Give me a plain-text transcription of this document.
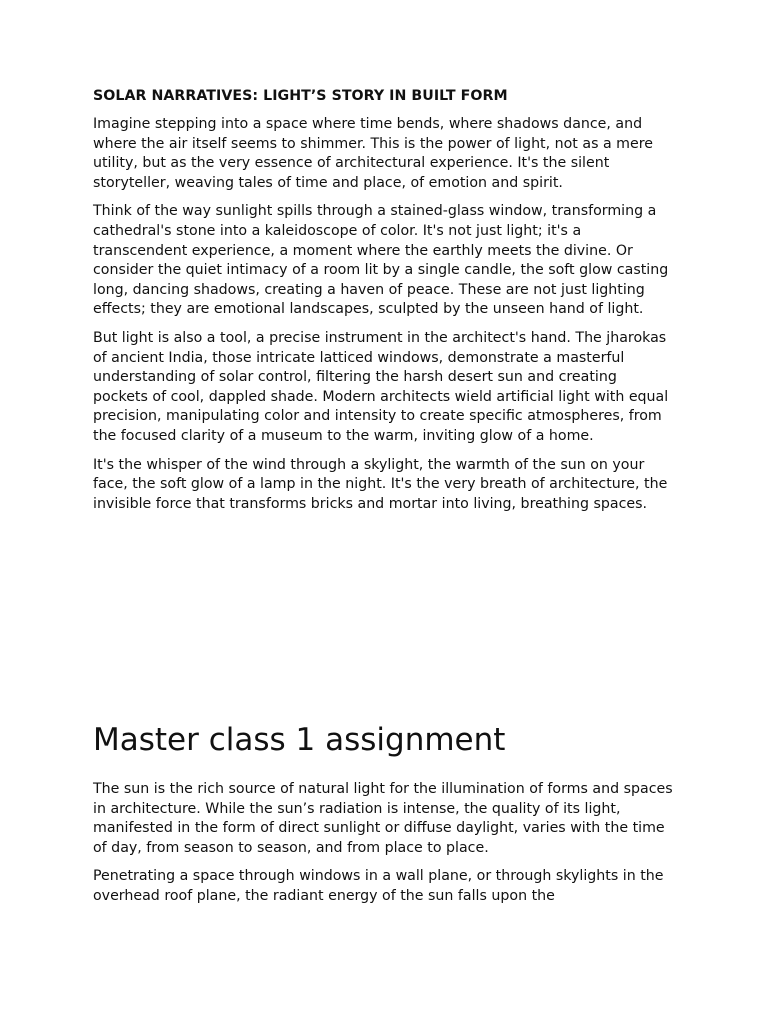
SOLAR NARRATIVES: LIGHT’S STORY IN BUILT FORM

Imagine stepping into a space where time bends, where shadows dance, and where the air itself seems to shimmer. This is the power of light, not as a mere utility, but as the very essence of architectural experience. It's the silent storyteller, weaving tales of time and place, of emotion and spirit.

Think of the way sunlight spills through a stained-glass window, transforming a cathedral's stone into a kaleidoscope of color. It's not just light; it's a transcendent experience, a moment where the earthly meets the divine. Or consider the quiet intimacy of a room lit by a single candle, the soft glow casting long, dancing shadows, creating a haven of peace. These are not just lighting effects; they are emotional landscapes, sculpted by the unseen hand of light.

But light is also a tool, a precise instrument in the architect's hand. The jharokas of ancient India, those intricate latticed windows, demonstrate a masterful understanding of solar control, filtering the harsh desert sun and creating pockets of cool, dappled shade. Modern architects wield artificial light with equal precision, manipulating color and intensity to create specific atmospheres, from the focused clarity of a museum to the warm, inviting glow of a home.

It's the whisper of the wind through a skylight, the warmth of the sun on your face, the soft glow of a lamp in the night. It's the very breath of architecture, the invisible force that transforms bricks and mortar into living, breathing spaces.

Master class 1 assignment

The sun is the rich source of natural light for the illumination of forms and spaces in architecture. While the sun’s radiation is intense, the quality of its light, manifested in the form of direct sunlight or diffuse daylight, varies with the time of day, from season to season, and from place to place.

Penetrating a space through windows in a wall plane, or through skylights in the overhead roof plane, the radiant energy of the sun falls upon the
